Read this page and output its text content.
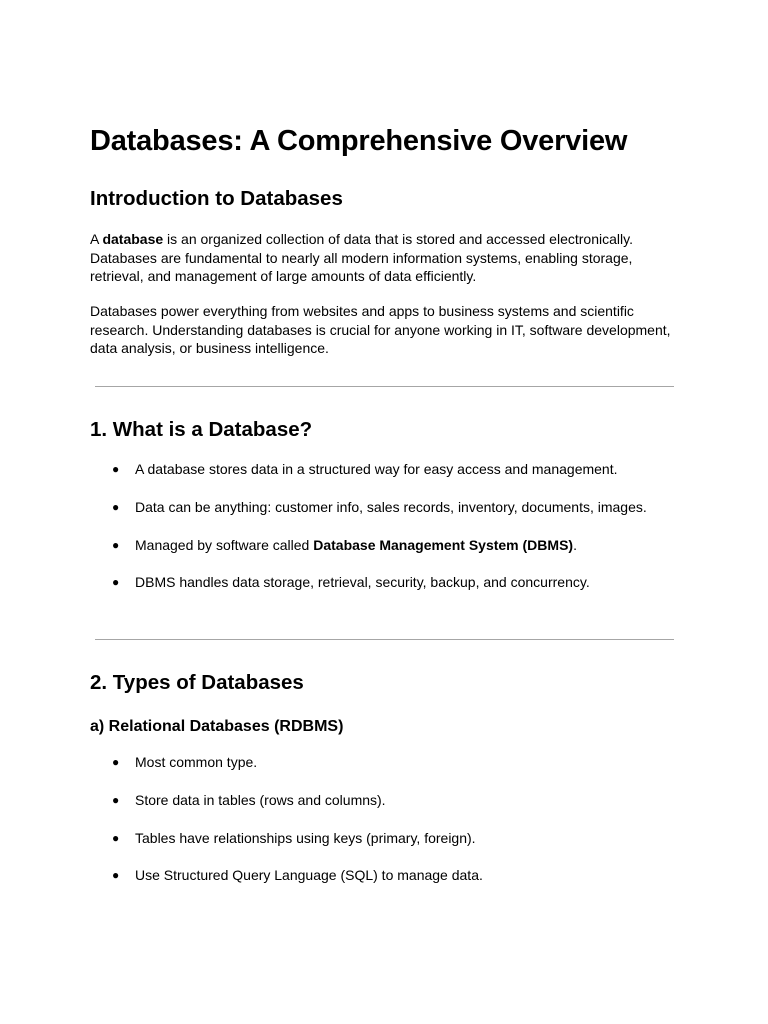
Databases: A Comprehensive Overview
Introduction to Databases

A database is an organized collection of data that is stored and accessed electronically.

Databases are fundamental to nearly all modern information systems, enabling storage,

retrieval, and management of large amounts of data efficiently.

Databases power everything from websites and apps to business systems and scientific

research. Understanding databases is crucial for anyone working in IT, software development,

data analysis, or business intelligence.

1. What is a Database?
● A database stores data in a structured way for easy access and management.
● Data can be anything: customer info, sales records, inventory, documents, images.
● Managed by software called Database Management System (DBMS).
● DBMS handles data storage, retrieval, security, backup, and concurrency.
2. Types of Databases
a) Relational Databases (RDBMS)
● Most common type.
● Store data in tables (rows and columns).
● Tables have relationships using keys (primary, foreign).
● Use Structured Query Language (SQL) to manage data.
